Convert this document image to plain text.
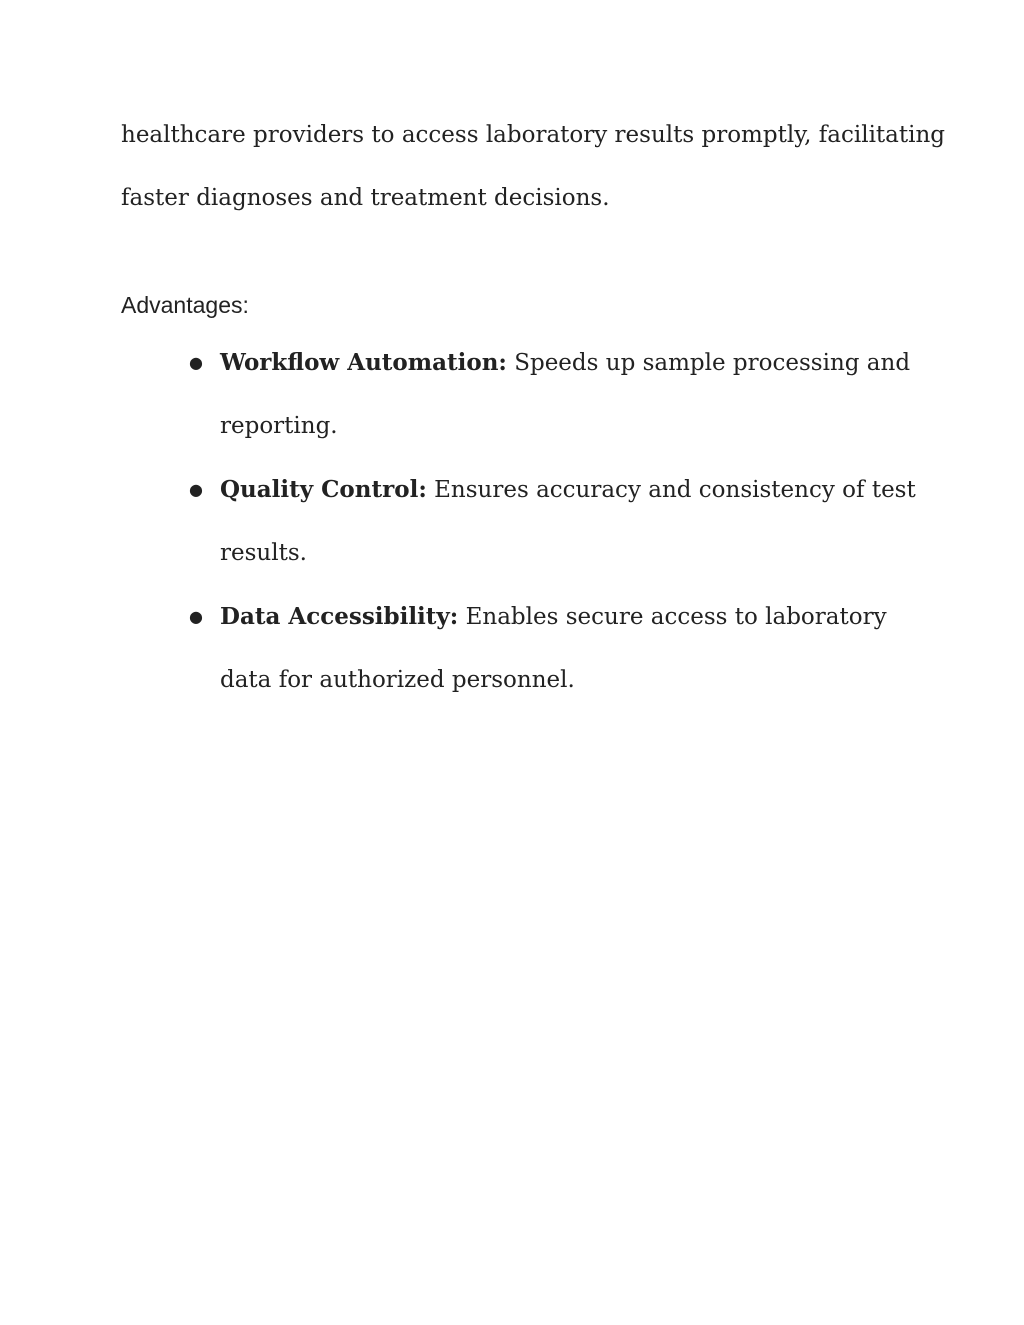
healthcare providers to access laboratory results promptly, facilitating
faster diagnoses and treatment decisions.

Advantages:
● Workflow Automation: Speeds up sample processing and
reporting.
● Quality Control: Ensures accuracy and consistency of test
results.
● Data Accessibility: Enables secure access to laboratory
data for authorized personnel.
